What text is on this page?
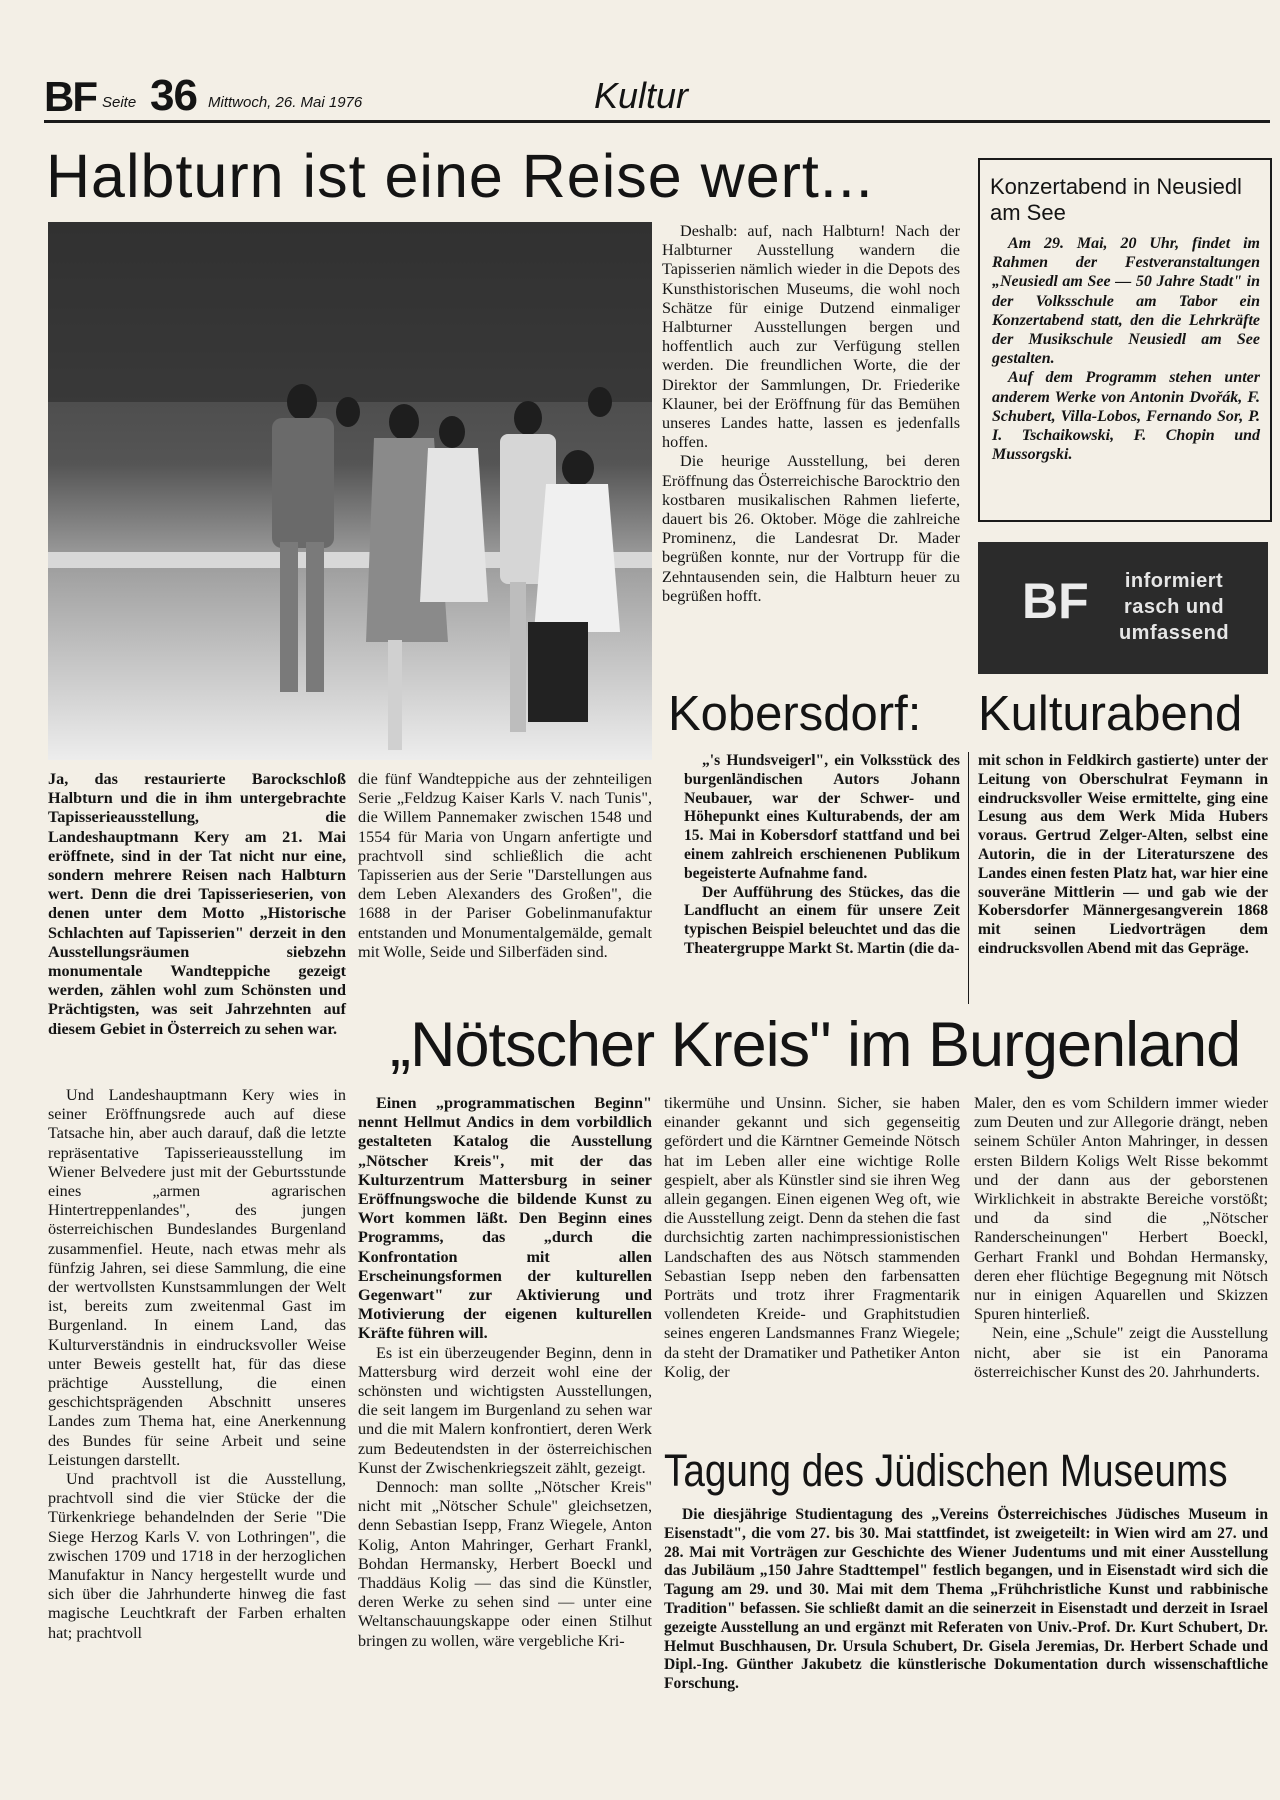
BF Seite 36 Mittwoch, 26. Mai 1976	Kultur
Halbturn ist eine Reise wert...

Ja, das restaurierte Barockschloß Halbturn und die in ihm untergebrachte Tapisserieausstellung, die Landeshauptmann Kery am 21. Mai eröffnete, sind in der Tat nicht nur eine, sondern mehrere Reisen nach Halbturn wert. Denn die drei Tapisserieserien, von denen unter dem Motto „Historische Schlachten auf Tapisserien" derzeit in den Ausstellungsräumen siebzehn monumentale Wandteppiche gezeigt werden, zählen wohl zum Schönsten und Prächtigsten, was seit Jahrzehnten auf diesem Gebiet in Österreich zu sehen war.

Und Landeshauptmann Kery wies in seiner Eröffnungsrede auch auf diese Tatsache hin, aber auch darauf, daß die letzte repräsentative Tapisserieausstellung im Wiener Belvedere just mit der Geburtsstunde eines „armen agrarischen Hintertreppenlandes", des jungen österreichischen Bundeslandes Burgenland zusammenfiel. Heute, nach etwas mehr als fünfzig Jahren, sei diese Sammlung, die eine der wertvollsten Kunstsammlungen der Welt ist, bereits zum zweitenmal Gast im Burgenland. In einem Land, das Kulturverständnis in eindrucksvoller Weise unter Beweis gestellt hat, für das diese prächtige Ausstellung, die einen geschichtsprägenden Abschnitt unseres Landes zum Thema hat, eine Anerkennung des Bundes für seine Arbeit und seine Leistungen darstellt.

Und prachtvoll ist die Ausstellung, prachtvoll sind die vier Stücke der die Türkenkriege behandelnden der Serie "Die Siege Herzog Karls V. von Lothringen", die zwischen 1709 und 1718 in der herzoglichen Manufaktur in Nancy hergestellt wurde und sich über die Jahrhunderte hinweg die fast magische Leuchtkraft der Farben erhalten hat; prachtvoll

die fünf Wandteppiche aus der zehnteiligen Serie „Feldzug Kaiser Karls V. nach Tunis", die Willem Pannemaker zwischen 1548 und 1554 für Maria von Ungarn anfertigte und prachtvoll sind schließlich die acht Tapisserien aus der Serie "Darstellungen aus dem Leben Alexanders des Großen", die 1688 in der Pariser Gobelinmanufaktur entstanden und Monumentalgemälde, gemalt mit Wolle, Seide und Silberfäden sind.

Deshalb: auf, nach Halbturn! Nach der Halbturner Ausstellung wandern die Tapisserien nämlich wieder in die Depots des Kunsthistorischen Museums, die wohl noch Schätze für einige Dutzend einmaliger Halbturner Ausstellungen bergen und hoffentlich auch zur Verfügung stellen werden. Die freundlichen Worte, die der Direktor der Sammlungen, Dr. Friederike Klauner, bei der Eröffnung für das Bemühen unseres Landes hatte, lassen es jedenfalls hoffen.

Die heurige Ausstellung, bei deren Eröffnung das Österreichische Barocktrio den kostbaren musikalischen Rahmen lieferte, dauert bis 26. Oktober. Möge die zahlreiche Prominenz, die Landesrat Dr. Mader begrüßen konnte, nur der Vortrupp für die Zehntausenden sein, die Halbturn heuer zu begrüßen hofft.

Konzertabend in Neusiedl am See

Am 29. Mai, 20 Uhr, findet im Rahmen der Festveranstaltungen „Neusiedl am See — 50 Jahre Stadt" in der Volksschule am Tabor ein Konzertabend statt, den die Lehrkräfte der Musikschule Neusiedl am See gestalten.

Auf dem Programm stehen unter anderem Werke von Antonin Dvořák, F. Schubert, Villa-Lobos, Fernando Sor, P. I. Tschaikowski, F. Chopin und Mussorgski.

BF	informiert
rasch und
umfassend
Kobersdorf: Kulturabend

„'s Hundsveigerl", ein Volksstück des burgenländischen Autors Johann Neubauer, war der Schwer- und Höhepunkt eines Kulturabends, der am 15. Mai in Kobersdorf stattfand und bei einem zahlreich erschienenen Publikum begeisterte Aufnahme fand.

Der Aufführung des Stückes, das die Landflucht an einem für unsere Zeit typischen Beispiel beleuchtet und das die Theatergruppe Markt St. Martin (die da-

mit schon in Feldkirch gastierte) unter der Leitung von Oberschulrat Feymann in eindrucksvoller Weise ermittelte, ging eine Lesung aus dem Werk Mida Hubers voraus. Gertrud Zelger-Alten, selbst eine Autorin, die in der Literaturszene des Landes einen festen Platz hat, war hier eine souveräne Mittlerin — und gab wie der Kobersdorfer Männergesangverein 1868 mit seinen Liedvorträgen dem eindrucksvollen Abend mit das Gepräge.

„Nötscher Kreis" im Burgenland

Einen „programmatischen Beginn" nennt Hellmut Andics in dem vorbildlich gestalteten Katalog die Ausstellung „Nötscher Kreis", mit der das Kulturzentrum Mattersburg in seiner Eröffnungswoche die bildende Kunst zu Wort kommen läßt. Den Beginn eines Programms, das „durch die Konfrontation mit allen Erscheinungsformen der kulturellen Gegenwart" zur Aktivierung und Motivierung der eigenen kulturellen Kräfte führen will.

Es ist ein überzeugender Beginn, denn in Mattersburg wird derzeit wohl eine der schönsten und wichtigsten Ausstellungen, die seit langem im Burgenland zu sehen war und die mit Malern konfrontiert, deren Werk zum Bedeutendsten in der österreichischen Kunst der Zwischenkriegszeit zählt, gezeigt.

Dennoch: man sollte „Nötscher Kreis" nicht mit „Nötscher Schule" gleichsetzen, denn Sebastian Isepp, Franz Wiegele, Anton Kolig, Anton Mahringer, Gerhart Frankl, Bohdan Hermansky, Herbert Boeckl und Thaddäus Kolig — das sind die Künstler, deren Werke zu sehen sind — unter eine Weltanschauungskappe oder einen Stilhut bringen zu wollen, wäre vergebliche Kri-

tikermühe und Unsinn. Sicher, sie haben einander gekannt und sich gegenseitig gefördert und die Kärntner Gemeinde Nötsch hat im Leben aller eine wichtige Rolle gespielt, aber als Künstler sind sie ihren Weg allein gegangen. Einen eigenen Weg oft, wie die Ausstellung zeigt. Denn da stehen die fast durchsichtig zarten nachimpressionistischen Landschaften des aus Nötsch stammenden Sebastian Isepp neben den farbensatten Porträts und trotz ihrer Fragmentarik vollendeten Kreide- und Graphitstudien seines engeren Landsmannes Franz Wiegele; da steht der Dramatiker und Pathetiker Anton Kolig, der

Maler, den es vom Schildern immer wieder zum Deuten und zur Allegorie drängt, neben seinem Schüler Anton Mahringer, in dessen ersten Bildern Koligs Welt Risse bekommt und der dann aus der geborstenen Wirklichkeit in abstrakte Bereiche vorstößt; und da sind die „Nötscher Randerscheinungen" Herbert Boeckl, Gerhart Frankl und Bohdan Hermansky, deren eher flüchtige Begegnung mit Nötsch nur in einigen Aquarellen und Skizzen Spuren hinterließ.

Nein, eine „Schule" zeigt die Ausstellung nicht, aber sie ist ein Panorama österreichischer Kunst des 20. Jahrhunderts.

Tagung des Jüdischen Museums

Die diesjährige Studientagung des „Vereins Österreichisches Jüdisches Museum in Eisenstadt", die vom 27. bis 30. Mai stattfindet, ist zweigeteilt: in Wien wird am 27. und 28. Mai mit Vorträgen zur Geschichte des Wiener Judentums und mit einer Ausstellung das Jubiläum „150 Jahre Stadttempel" festlich begangen, und in Eisenstadt wird sich die Tagung am 29. und 30. Mai mit dem Thema „Frühchristliche Kunst und rabbinische Tradition" befassen. Sie schließt damit an die seinerzeit in Eisenstadt und derzeit in Israel gezeigte Ausstellung an und ergänzt mit Referaten von Univ.-Prof. Dr. Kurt Schubert, Dr. Helmut Buschhausen, Dr. Ursula Schubert, Dr. Gisela Jeremias, Dr. Herbert Schade und Dipl.-Ing. Günther Jakubetz die künstlerische Dokumentation durch wissenschaftliche Forschung.
